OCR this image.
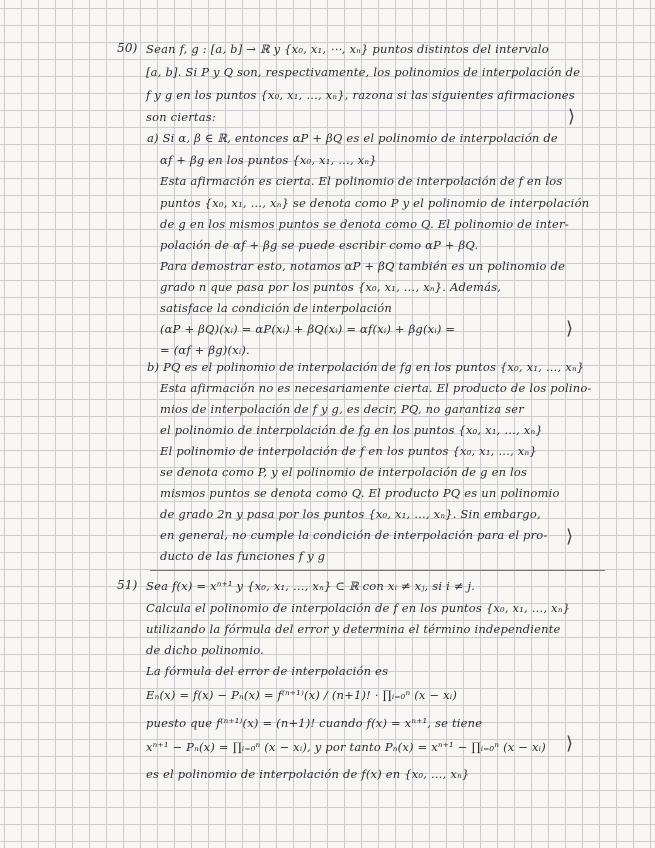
50) Sean f, g : [a, b] → ℝ y {x₀, x₁, ⋯, xₙ} puntos distintos del intervalo
[a, b]. Si P y Q son, respectivamente, los polinomios de interpolación de
f y g en los puntos {x₀, x₁, …, xₙ}, razona si las siguientes afirmaciones
son ciertas:	⟩
a) Si α, β ∈ ℝ, entonces αP + βQ es el polinomio de interpolación de
αf + βg en los puntos {x₀, x₁, …, xₙ}
Esta afirmación es cierta. El polinomio de interpolación de f en los
puntos {x₀, x₁, …, xₙ} se denota como P y el polinomio de interpolación
de g en los mismos puntos se denota como Q. El polinomio de inter-
polación de αf + βg se puede escribir como αP + βQ.
Para demostrar esto, notamos αP + βQ también es un polinomio de
grado n que pasa por los puntos {x₀, x₁, …, xₙ}. Además,
satisface la condición de interpolación
(αP + βQ)(xᵢ) = αP(xᵢ) + βQ(xᵢ) = αf(xᵢ) + βg(xᵢ) =
= (αf + βg)(xᵢ).
⟩
b) PQ es el polinomio de interpolación de fg en los puntos {x₀, x₁, …, xₙ}
Esta afirmación no es necesariamente cierta. El producto de los polino-
mios de interpolación de f y g, es decir, PQ, no garantiza ser
el polinomio de interpolación de fg en los puntos {x₀, x₁, …, xₙ}
El polinomio de interpolación de f en los puntos {x₀, x₁, …, xₙ}
se denota como P, y el polinomio de interpolación de g en los
mismos puntos se denota como Q. El producto PQ es un polinomio
de grado 2n y pasa por los puntos {x₀, x₁, …, xₙ}. Sin embargo,
en general, no cumple la condición de interpolación para el pro-
ducto de las funciones f y g
⟩
51) Sea f(x) = xⁿ⁺¹ y {x₀, x₁, …, xₙ} ⊂ ℝ con xᵢ ≠ xⱼ, si i ≠ j.
Calcula el polinomio de interpolación de f en los puntos {x₀, x₁, …, xₙ}
utilizando la fórmula del error y determina el término independiente
de dicho polinomio.
La fórmula del error de interpolación es
Eₙ(x) = f(x) − Pₙ(x) = f⁽ⁿ⁺¹⁾(x) / (n+1)! · ∏ᵢ₌₀ⁿ (x − xᵢ)
puesto que f⁽ⁿ⁺¹⁾(x) = (n+1)! cuando f(x) = xⁿ⁺¹, se tiene
xⁿ⁺¹ − Pₙ(x) = ∏ᵢ₌₀ⁿ (x − xᵢ), y por tanto Pₙ(x) = xⁿ⁺¹ − ∏ᵢ₌₀ⁿ (x − xᵢ)
es el polinomio de interpolación de f(x) en {x₀, …, xₙ}
⟩
